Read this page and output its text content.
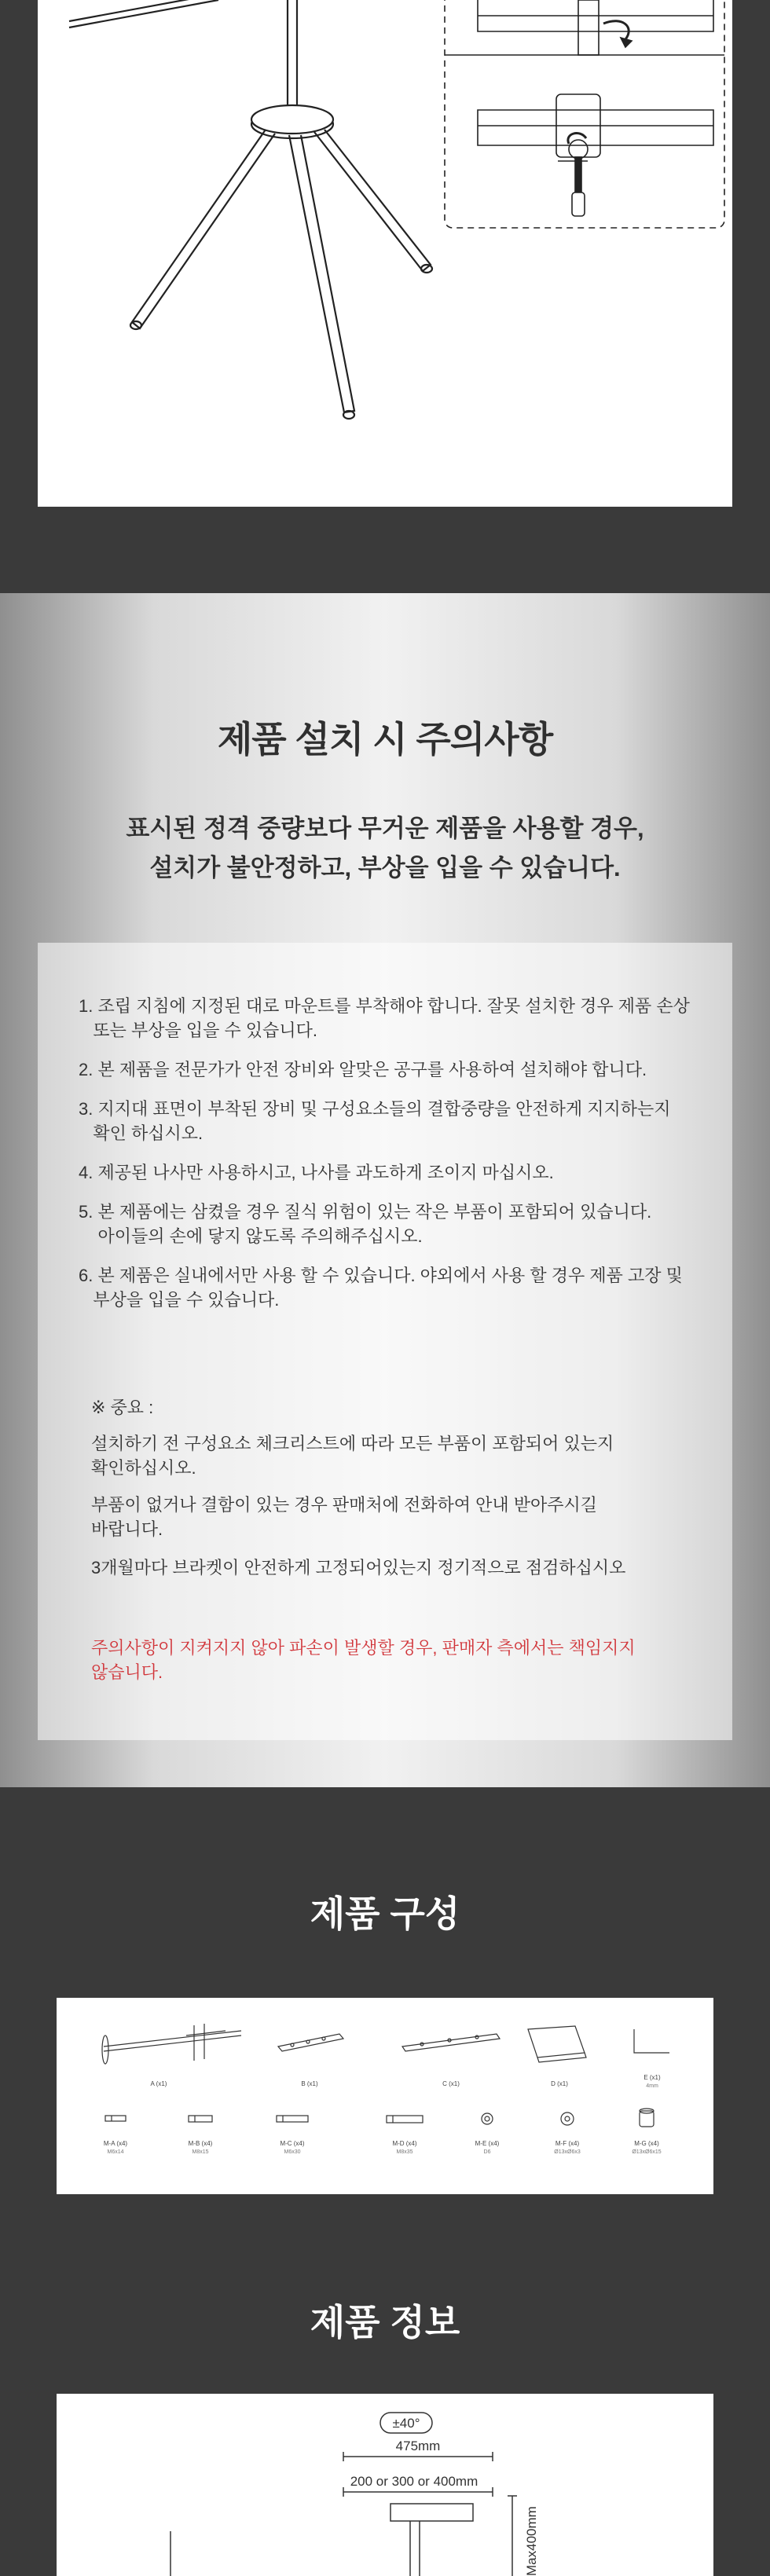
제품 설치 시 주의사항

표시된 정격 중량보다 무거운 제품을 사용할 경우,
설치가 불안정하고, 부상을 입을 수 있습니다.

1. 조립 지침에 지정된 대로 마운트를 부착해야 합니다. 잘못 설치한 경우 제품 손상
또는 부상을 입을 수 있습니다.
2. 본 제품을 전문가가 안전 장비와 알맞은 공구를 사용하여 설치해야 합니다.
3. 지지대 표면이 부착된 장비 및 구성요소들의 결합중량을 안전하게 지지하는지
확인 하십시오.
4. 제공된 나사만 사용하시고, 나사를 과도하게 조이지 마십시오.
5. 본 제품에는 삼켰을 경우 질식 위험이 있는 작은 부품이 포함되어 있습니다.
아이들의 손에 닿지 않도록 주의해주십시오.
6. 본 제품은 실내에서만 사용 할 수 있습니다. 야외에서 사용 할 경우 제품 고장 및
부상을 입을 수 있습니다.
※ 중요 :
설치하기 전 구성요소 체크리스트에 따라 모든 부품이 포함되어 있는지
확인하십시오.
부품이 없거나 결함이 있는 경우 판매처에 전화하여 안내 받아주시길
바랍니다.
3개월마다 브라켓이 안전하게 고정되어있는지 정기적으로 점검하십시오
주의사항이 지켜지지 않아 파손이 발생할 경우, 판매자 측에서는 책임지지
않습니다.
제품 구성
A (x1)	B (x1)	C (x1)	D (x1)
E (x1)
4mm
M-A (x4)
M6x14
M-B (x4)
M8x15
M-C (x4)
M6x30
M-D (x4)
M8x35
M-E (x4)
D6
M-F (x4)
Ø13xØ6x3
M-G (x4)
Ø13xØ6x15
제품 정보
±40°
475mm
200 or 300 or 400mm
Max400mm
